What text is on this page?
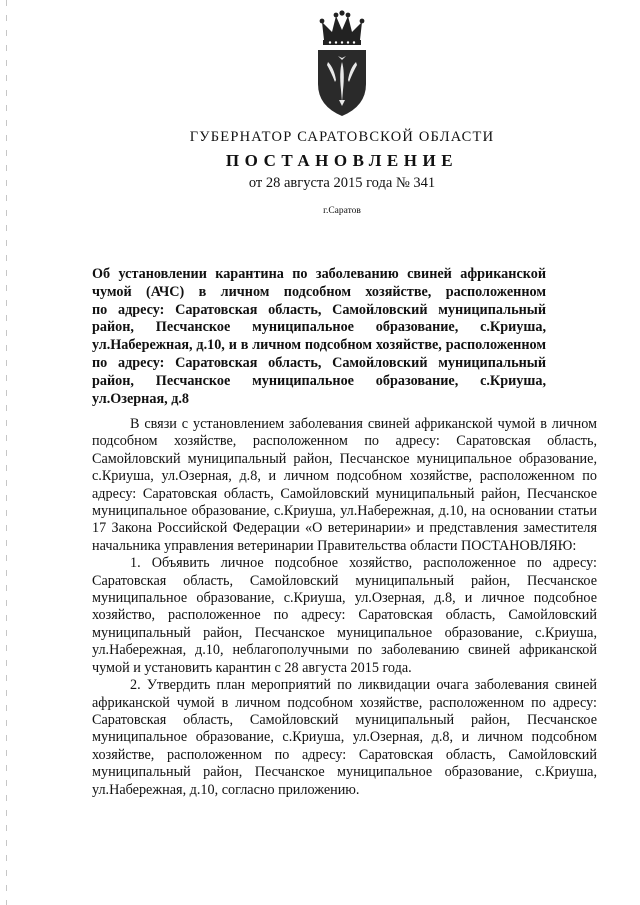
ГУБЕРНАТОР САРАТОВСКОЙ ОБЛАСТИ
ПОСТАНОВЛЕНИЕ
от 28 августа 2015 года № 341
г.Саратов
Об установлении карантина по заболеванию свиней африканской
чумой (АЧС) в личном подсобном хозяйстве, расположенном
по адресу: Саратовская область, Самойловский муниципальный
район, Песчанское муниципальное образование, с.Криуша,
ул.Набережная, д.10, и в личном подсобном хозяйстве, расположенном
по адресу: Саратовская область, Самойловский муниципальный
район, Песчанское муниципальное образование, с.Криуша, ул.Озерная, д.8

В связи с установлением заболевания свиней африканской чумой в личном подсобном хозяйстве, расположенном по адресу: Саратовская область, Самойловский муниципальный район, Песчанское муниципальное образование, с.Криуша, ул.Озерная, д.8, и личном подсобном хозяйстве, расположенном по адресу: Саратовская область, Самойловский муниципальный район, Песчанское муниципальное образование, с.Криуша, ул.Набережная, д.10, на основании статьи 17 Закона Российской Федерации «О ветеринарии» и представления заместителя начальника управления ветеринарии Правительства области ПОСТАНОВЛЯЮ:

1. Объявить личное подсобное хозяйство, расположенное по адресу: Саратовская область, Самойловский муниципальный район, Песчанское муниципальное образование, с.Криуша, ул.Озерная, д.8, и личное подсобное хозяйство, расположенное по адресу: Саратовская область, Самойловский муниципальный район, Песчанское муниципальное образование, с.Криуша, ул.Набережная, д.10, неблагополучными по заболеванию свиней африканской чумой и установить карантин с 28 августа 2015 года.

2. Утвердить план мероприятий по ликвидации очага заболевания свиней африканской чумой в личном подсобном хозяйстве, расположенном по адресу: Саратовская область, Самойловский муниципальный район, Песчанское муниципальное образование, с.Криуша, ул.Озерная, д.8, и личном подсобном хозяйстве, расположенном по адресу: Саратовская область, Самойловский муниципальный район, Песчанское муниципальное образование, с.Криуша, ул.Набережная, д.10, согласно приложению.
